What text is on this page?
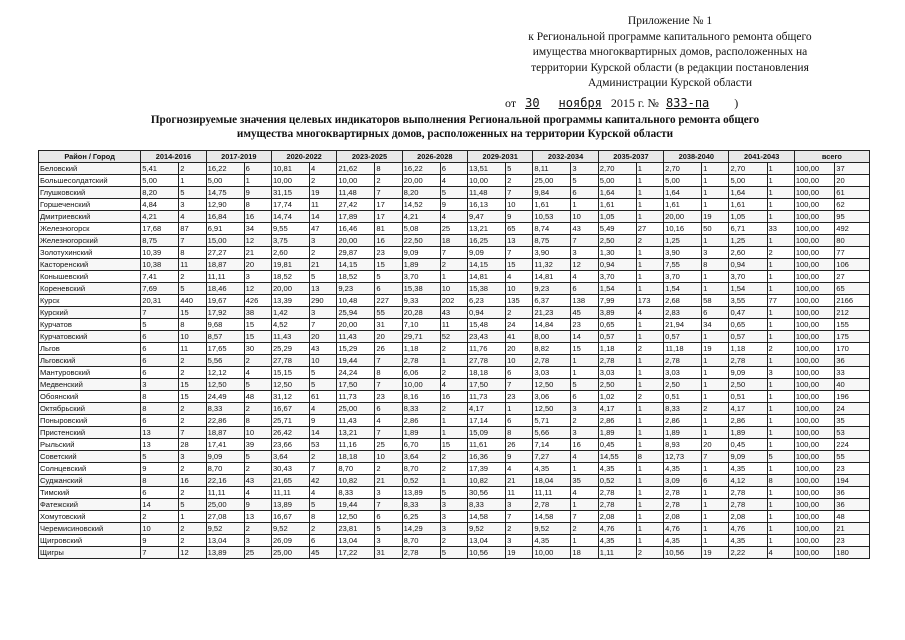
Приложение № 1
к Региональной программе капитального ремонта общего
имущества многоквартирных домов, расположенных на
территории Курской области (в редакции постановления
Администрации Курской области
от 30 ноября 2015 г. № 833-па )
Прогнозируемые значения целевых индикаторов выполнения Региональной программы капитального ремонта общего
имущества многоквартирных домов, расположенных на территории Курской области
Район / Город	2014-2016		2017-2019		2020-2022		2023-2025		2026-2028		2029-2031		2032-2034		2035-2037		2038-2040		2041-2043		всего	
Беловский	5,41	2	16,22	6	10,81	4	21,62	8	16,22	6	13,51	5	8,11	3	2,70	1	2,70	1	2,70	1	100,00	37
Большесолдатский	5,00	1	5,00	1	10,00	2	10,00	2	20,00	4	10,00	2	25,00	5	5,00	1	5,00	1	5,00	1	100,00	20
Глушковский	8,20	5	14,75	9	31,15	19	11,48	7	8,20	5	11,48	7	9,84	6	1,64	1	1,64	1	1,64	1	100,00	61
Горшеченский	4,84	3	12,90	8	17,74	11	27,42	17	14,52	9	16,13	10	1,61	1	1,61	1	1,61	1	1,61	1	100,00	62
Дмитриевский	4,21	4	16,84	16	14,74	14	17,89	17	4,21	4	9,47	9	10,53	10	1,05	1	20,00	19	1,05	1	100,00	95
Железногорск	17,68	87	6,91	34	9,55	47	16,46	81	5,08	25	13,21	65	8,74	43	5,49	27	10,16	50	6,71	33	100,00	492
Железногорский	8,75	7	15,00	12	3,75	3	20,00	16	22,50	18	16,25	13	8,75	7	2,50	2	1,25	1	1,25	1	100,00	80
Золотухинский	10,39	8	27,27	21	2,60	2	29,87	23	9,09	7	9,09	7	3,90	3	1,30	1	3,90	3	2,60	2	100,00	77
Касторенский	10,38	11	18,87	20	19,81	21	14,15	15	1,89	2	14,15	15	11,32	12	0,94	1	7,55	8	0,94	1	100,00	106
Конышевский	7,41	2	11,11	3	18,52	5	18,52	5	3,70	1	14,81	4	14,81	4	3,70	1	3,70	1	3,70	1	100,00	27
Кореневский	7,69	5	18,46	12	20,00	13	9,23	6	15,38	10	15,38	10	9,23	6	1,54	1	1,54	1	1,54	1	100,00	65
Курск	20,31	440	19,67	426	13,39	290	10,48	227	9,33	202	6,23	135	6,37	138	7,99	173	2,68	58	3,55	77	100,00	2166
Курский	7	15	17,92	38	1,42	3	25,94	55	20,28	43	0,94	2	21,23	45	3,89	4	2,83	6	0,47	1	100,00	212
Курчатов	5	8	9,68	15	4,52	7	20,00	31	7,10	11	15,48	24	14,84	23	0,65	1	21,94	34	0,65	1	100,00	155
Курчатовский	6	10	8,57	15	11,43	20	11,43	20	29,71	52	23,43	41	8,00	14	0,57	1	0,57	1	0,57	1	100,00	175
Льгов	6	11	17,65	30	25,29	43	15,29	26	1,18	2	11,76	20	8,82	15	1,18	2	11,18	19	1,18	2	100,00	170
Льговский	6	2	5,56	2	27,78	10	19,44	7	2,78	1	27,78	10	2,78	1	2,78	1	2,78	1	2,78	1	100,00	36
Мантуровский	6	2	12,12	4	15,15	5	24,24	8	6,06	2	18,18	6	3,03	1	3,03	1	3,03	1	9,09	3	100,00	33
Медвенский	3	15	12,50	5	12,50	5	17,50	7	10,00	4	17,50	7	12,50	5	2,50	1	2,50	1	2,50	1	100,00	40
Обоянский	8	15	24,49	48	31,12	61	11,73	23	8,16	16	11,73	23	3,06	6	1,02	2	0,51	1	0,51	1	100,00	196
Октябрьский	8	2	8,33	2	16,67	4	25,00	6	8,33	2	4,17	1	12,50	3	4,17	1	8,33	2	4,17	1	100,00	24
Поныровский	6	2	22,86	8	25,71	9	11,43	4	2,86	1	17,14	6	5,71	2	2,86	1	2,86	1	2,86	1	100,00	35
Пристенский	13	7	18,87	10	26,42	14	13,21	7	1,89	1	15,09	8	5,66	3	1,89	1	1,89	1	1,89	1	100,00	53
Рыльский	13	28	17,41	39	23,66	53	11,16	25	6,70	15	11,61	26	7,14	16	0,45	1	8,93	20	0,45	1	100,00	224
Советский	5	3	9,09	5	3,64	2	18,18	10	3,64	2	16,36	9	7,27	4	14,55	8	12,73	7	9,09	5	100,00	55
Солнцевский	9	2	8,70	2	30,43	7	8,70	2	8,70	2	17,39	4	4,35	1	4,35	1	4,35	1	4,35	1	100,00	23
Суджанский	8	16	22,16	43	21,65	42	10,82	21	0,52	1	10,82	21	18,04	35	0,52	1	3,09	6	4,12	8	100,00	194
Тимский	6	2	11,11	4	11,11	4	8,33	3	13,89	5	30,56	11	11,11	4	2,78	1	2,78	1	2,78	1	100,00	36
Фатежский	14	5	25,00	9	13,89	5	19,44	7	8,33	3	8,33	3	2,78	1	2,78	1	2,78	1	2,78	1	100,00	36
Хомутовский	2	1	27,08	13	16,67	8	12,50	6	6,25	3	14,58	7	14,58	7	2,08	1	2,08	1	2,08	1	100,00	48
Черемисиновский	10	2	9,52	2	9,52	2	23,81	5	14,29	3	9,52	2	9,52	2	4,76	1	4,76	1	4,76	1	100,00	21
Щигровский	9	2	13,04	3	26,09	6	13,04	3	8,70	2	13,04	3	4,35	1	4,35	1	4,35	1	4,35	1	100,00	23
Щигры	7	12	13,89	25	25,00	45	17,22	31	2,78	5	10,56	19	10,00	18	1,11	2	10,56	19	2,22	4	100,00	180
